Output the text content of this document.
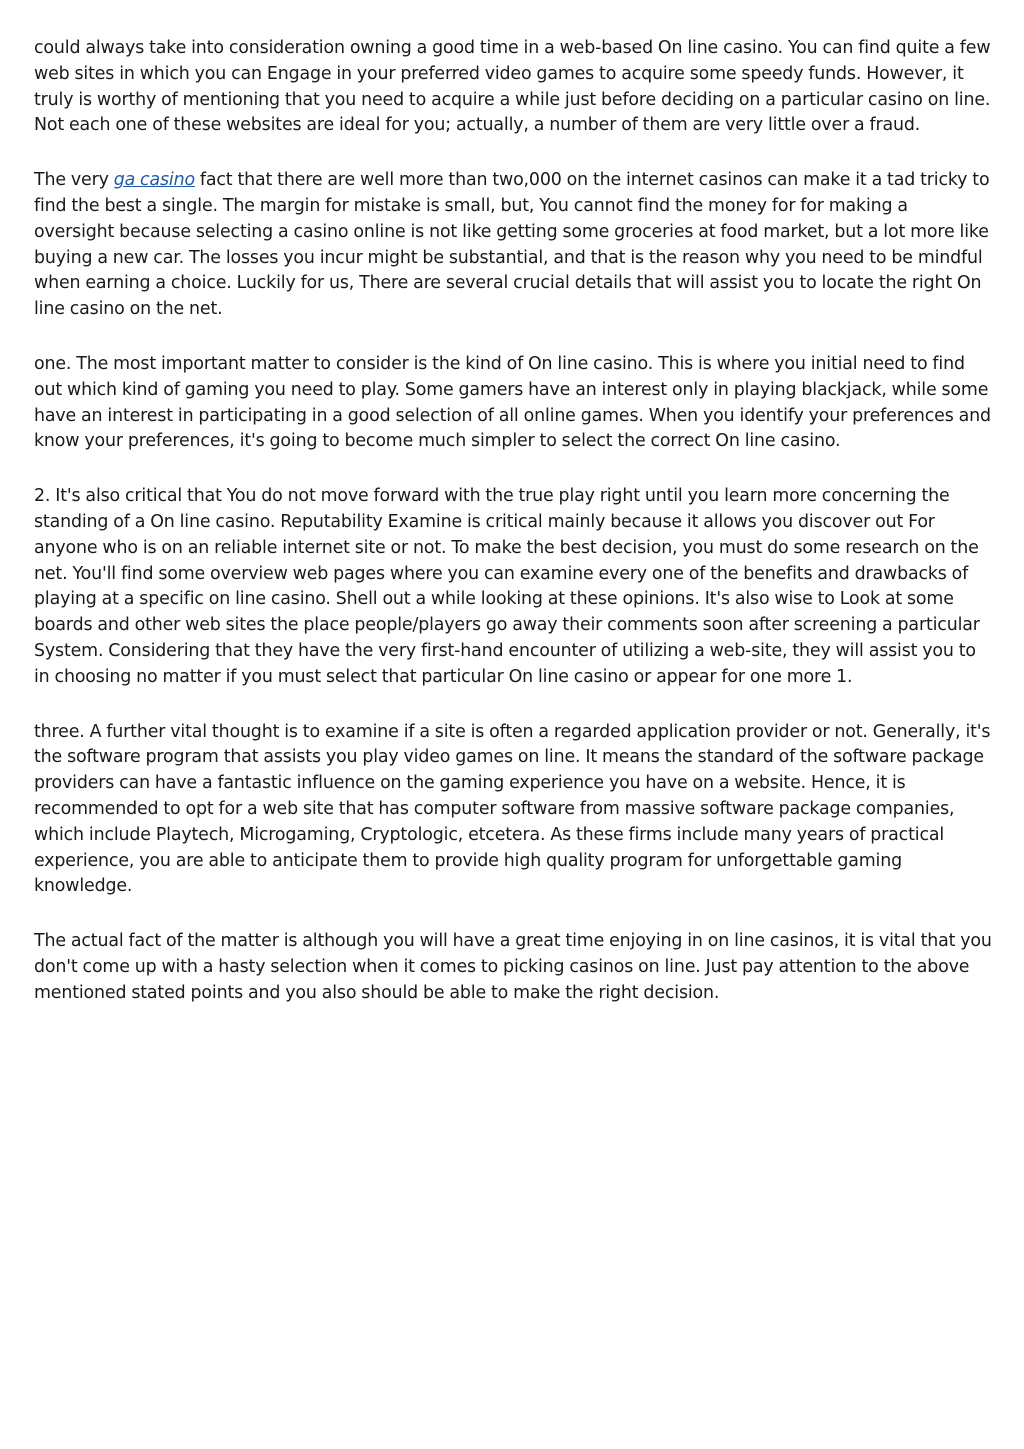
could always take into consideration owning a good time in a web-based On line casino. You can find quite a few web sites in which you can Engage in your preferred video games to acquire some speedy funds. However, it truly is worthy of mentioning that you need to acquire a while just before deciding on a particular casino on line. Not each one of these websites are ideal for you; actually, a number of them are very little over a fraud.

The very ga casino fact that there are well more than two,000 on the internet casinos can make it a tad tricky to find the best a single. The margin for mistake is small, but, You cannot find the money for for making a oversight because selecting a casino online is not like getting some groceries at food market, but a lot more like buying a new car. The losses you incur might be substantial, and that is the reason why you need to be mindful when earning a choice. Luckily for us, There are several crucial details that will assist you to locate the right On line casino on the net.

one. The most important matter to consider is the kind of On line casino. This is where you initial need to find out which kind of gaming you need to play. Some gamers have an interest only in playing blackjack, while some have an interest in participating in a good selection of all online games. When you identify your preferences and know your preferences, it's going to become much simpler to select the correct On line casino.

2. It's also critical that You do not move forward with the true play right until you learn more concerning the standing of a On line casino. Reputability Examine is critical mainly because it allows you discover out For anyone who is on an reliable internet site or not. To make the best decision, you must do some research on the net. You'll find some overview web pages where you can examine every one of the benefits and drawbacks of playing at a specific on line casino. Shell out a while looking at these opinions. It's also wise to Look at some boards and other web sites the place people/players go away their comments soon after screening a particular System. Considering that they have the very first-hand encounter of utilizing a web-site, they will assist you to in choosing no matter if you must select that particular On line casino or appear for one more 1.

three. A further vital thought is to examine if a site is often a regarded application provider or not. Generally, it's the software program that assists you play video games on line. It means the standard of the software package providers can have a fantastic influence on the gaming experience you have on a website. Hence, it is recommended to opt for a web site that has computer software from massive software package companies, which include Playtech, Microgaming, Cryptologic, etcetera. As these firms include many years of practical experience, you are able to anticipate them to provide high quality program for unforgettable gaming knowledge.

The actual fact of the matter is although you will have a great time enjoying in on line casinos, it is vital that you don't come up with a hasty selection when it comes to picking casinos on line. Just pay attention to the above mentioned stated points and you also should be able to make the right decision.
